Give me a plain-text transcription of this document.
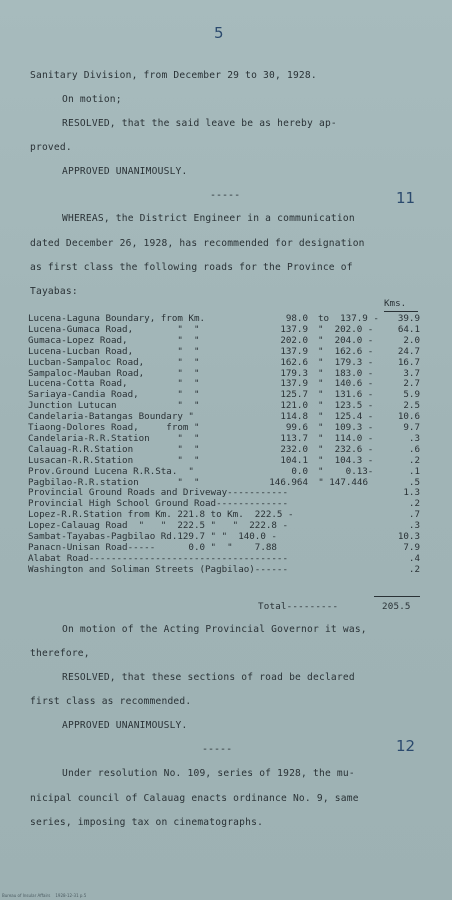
5
Sanitary Division, from December 29 to 30, 1928.
On motion;
RESOLVED, that the said leave be as hereby ap-
proved.
APPROVED UNANIMOUSLY.
-----	11
WHEREAS, the District Engineer in a communication
dated December 26, 1928, has recommended for designation
as first class the following roads for the Province of
Tayabas:
Kms.
Lucena-Laguna Boundary, from Km.	98.0 to  137.9 -	39.9
Lucena-Gumaca Road,        "  "	137.9 "  202.0 -	64.1
Gumaca-Lopez Road,         "  "	202.0 "  204.0 -	2.0
Lucena-Lucban Road,        "  "	137.9 "  162.6 -	24.7
Lucban-Sampaloc Road,      "  "	162.6 "  179.3 -	16.7
Sampaloc-Mauban Road,      "  "	179.3 "  183.0 -	3.7
Lucena-Cotta Road,         "  "	137.9 "  140.6 -	2.7
Sariaya-Candia Road,       "  "	125.7 "  131.6 -	5.9
Junction Lutucan           "  "	121.0 "  123.5 -	2.5
Candelaria-Batangas Boundary "	114.8 "  125.4 -	10.6
Tiaong-Dolores Road,     from "	99.6 "  109.3 -	9.7
Candelaria-R.R.Station     "  "	113.7 "  114.0 -	.3
Calauag-R.R.Station        "  "	232.0 "  232.6 -	.6
Lusacan-R.R.Station        "  "	104.1 "  104.3 -	.2
Prov.Ground Lucena R.R.Sta.  "	0.0 "    0.13-	.1
Pagbilao-R.R.station       "  "	146.964 " 147.446	.5
Provincial Ground Roads and Driveway-----------	1.3
Provincial High School Ground Road-------------	.2
Lopez-R.R.Station from Km. 221.8 to Km.  222.5 -	.7
Lopez-Calauag Road  "   "  222.5 "   "  222.8 -	.3
Sambat-Tayabas-Pagbilao Rd.129.7 " "  140.0 -	10.3
Panacn-Unisan Road-----      0.0 "  "    7.88	7.9
Alabat Road------------------------------------	.4
Washington and Soliman Streets (Pagbilao)------	.2
Total---------	205.5
On motion of the Acting Provincial Governor it was,
therefore,
RESOLVED, that these sections of road be declared
first class as recommended.
APPROVED UNANIMOUSLY.
-----	12
Under resolution No. 109, series of 1928, the mu-
nicipal council of Calauag enacts ordinance No. 9, same
series, imposing tax on cinematographs.
Bureau of Insular Affairs    1928-12-31 p.5
